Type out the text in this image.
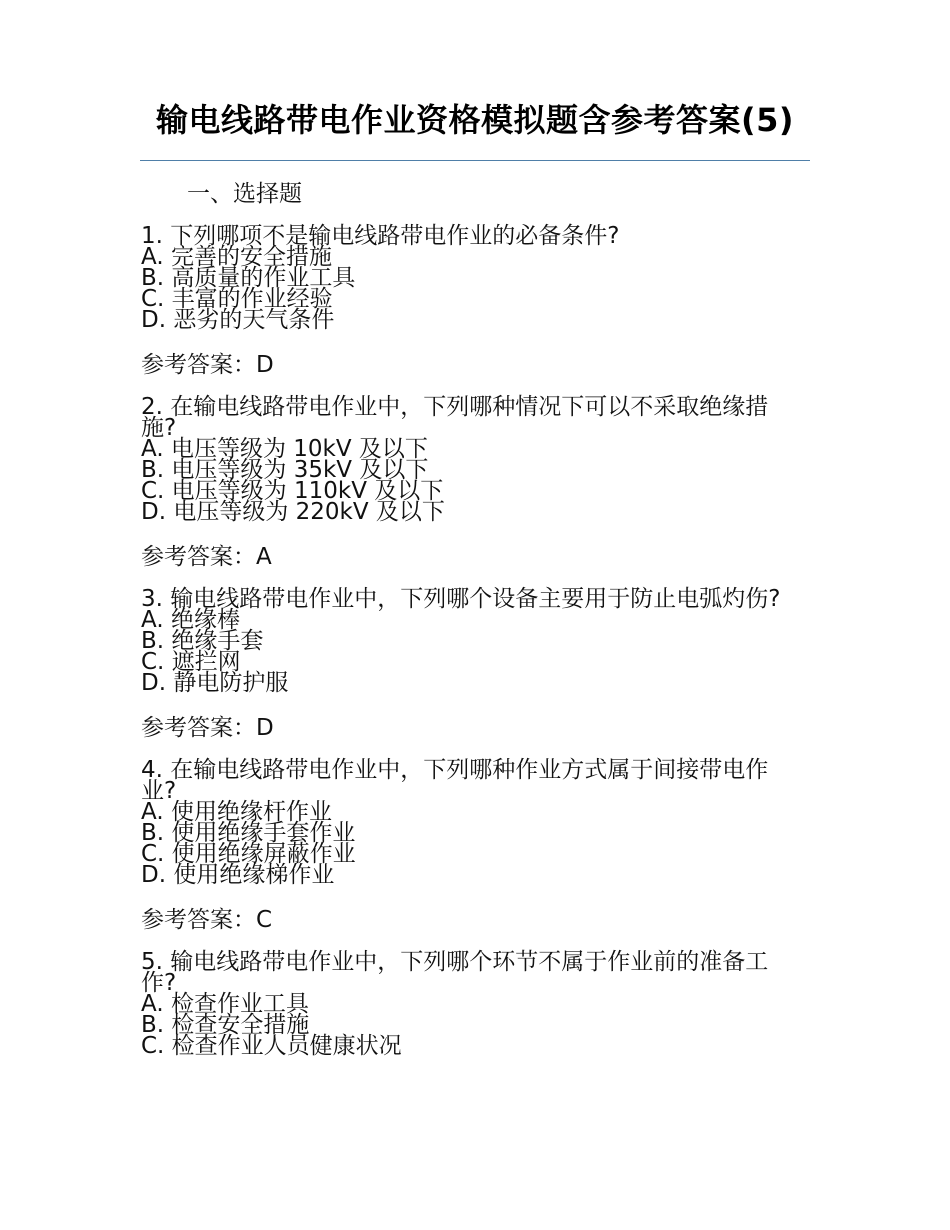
输电线路带电作业资格模拟题含参考答案(5)
一、选择题

1. 下列哪项不是输电线路带电作业的必备条件?

A. 完善的安全措施
B. 高质量的作业工具
C. 丰富的作业经验
D. 恶劣的天气条件
参考答案：D

2. 在输电线路带电作业中，下列哪种情况下可以不采取绝缘措施?

A. 电压等级为 10kV 及以下
B. 电压等级为 35kV 及以下
C. 电压等级为 110kV 及以下
D. 电压等级为 220kV 及以下
参考答案：A

3. 输电线路带电作业中，下列哪个设备主要用于防止电弧灼伤?

A. 绝缘棒
B. 绝缘手套
C. 遮拦网
D. 静电防护服
参考答案：D

4. 在输电线路带电作业中，下列哪种作业方式属于间接带电作业?

A. 使用绝缘杆作业
B. 使用绝缘手套作业
C. 使用绝缘屏蔽作业
D. 使用绝缘梯作业
参考答案：C

5. 输电线路带电作业中，下列哪个环节不属于作业前的准备工作?

A. 检查作业工具
B. 检查安全措施
C. 检查作业人员健康状况
